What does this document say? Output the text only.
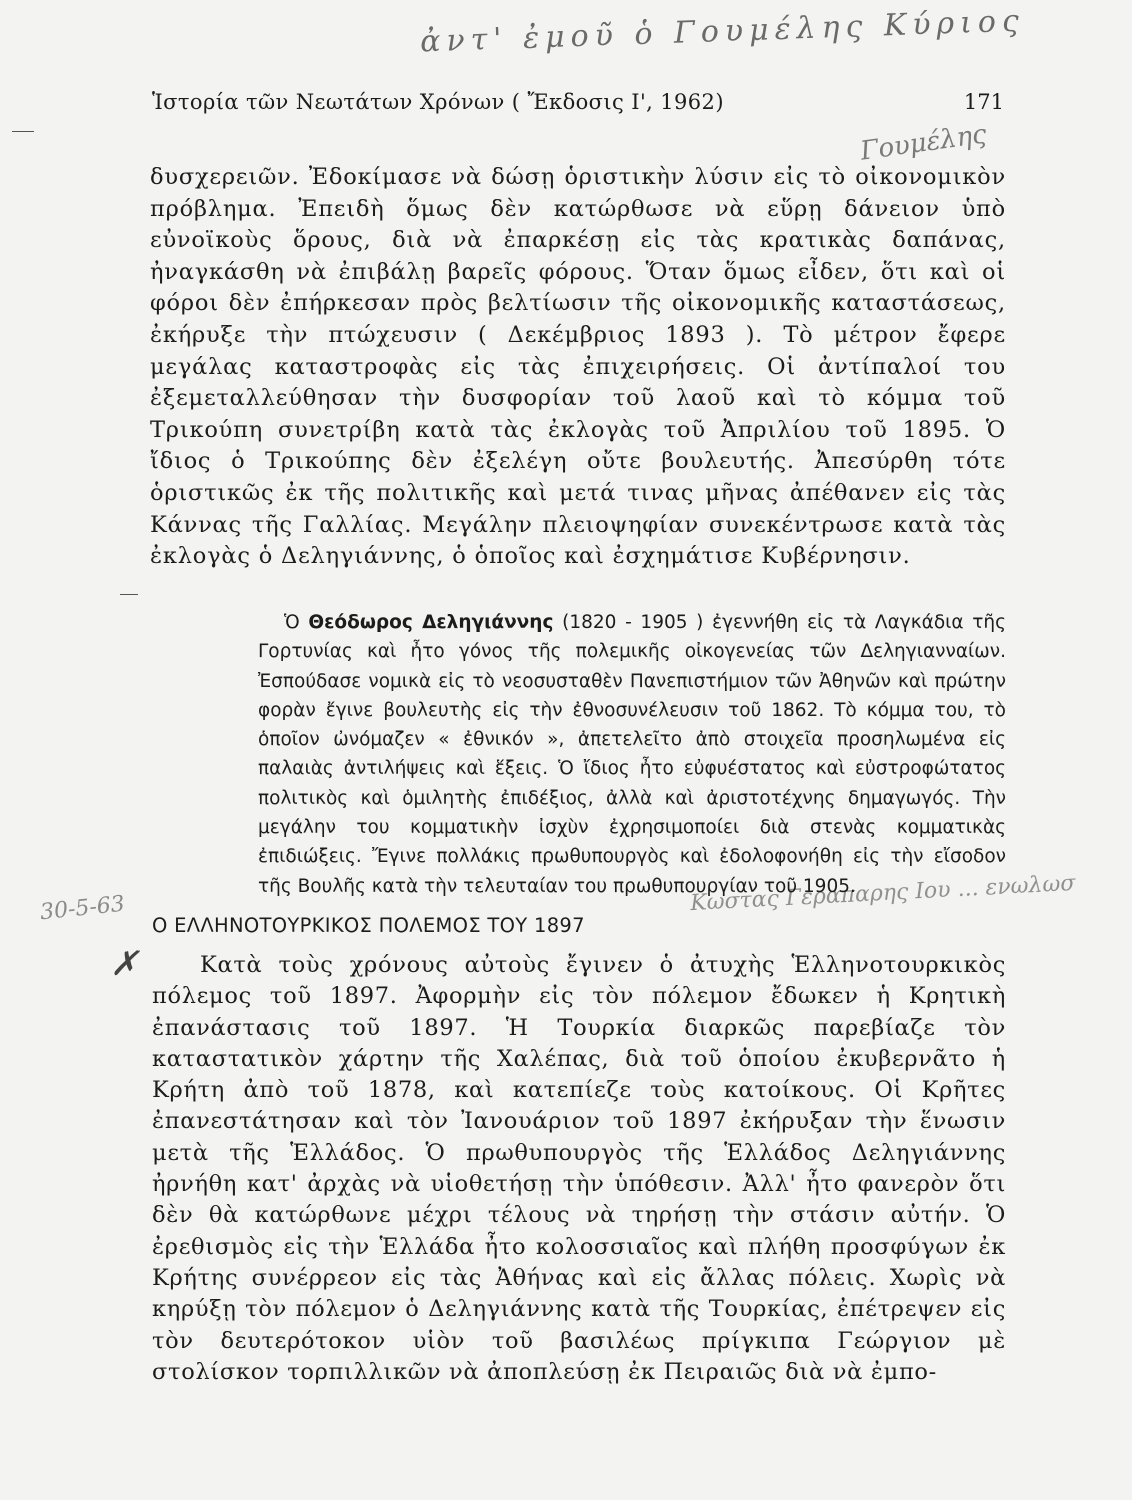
ἀντ' ἐμοῦ ὁ Γουμέλης Κύριος
Γουμέλης
30-5-63
✗
Κωστας Γεραπαρης Ιου ... ενωλωσ
Ἱστορία τῶν Νεωτάτων Χρόνων ( Ἔκδοσις Ι', 1962)	171

δυσχερειῶν. Ἐδοκίμασε νὰ δώσῃ ὁριστικὴν λύσιν εἰς τὸ οἰκονομικὸν πρόβλημα. Ἐπειδὴ ὅμως δὲν κατώρθωσε νὰ εὕρῃ δάνειον ὑπὸ εὐνοϊκοὺς ὅρους, διὰ νὰ ἐπαρκέσῃ εἰς τὰς κρατικὰς δαπάνας, ἠναγκάσθη νὰ ἐπιβάλῃ βαρεῖς φόρους. Ὅταν ὅμως εἶδεν, ὅτι καὶ οἱ φόροι δὲν ἐπήρκεσαν πρὸς βελτίωσιν τῆς οἰκονομικῆς καταστάσεως, ἐκήρυξε τὴν πτώχευσιν ( Δεκέμβριος 1893 ). Τὸ μέτρον ἔφερε μεγάλας καταστροφὰς εἰς τὰς ἐπιχειρήσεις. Οἱ ἀντίπαλοί του ἐξεμεταλλεύθησαν τὴν δυσφορίαν τοῦ λαοῦ καὶ τὸ κόμμα τοῦ Τρικούπη συνετρίβη κατὰ τὰς ἐκλογὰς τοῦ Ἀπριλίου τοῦ 1895. Ὁ ἴδιος ὁ Τρικούπης δὲν ἐξελέγη οὔτε βουλευτής. Ἀπεσύρθη τότε ὁριστικῶς ἐκ τῆς πολιτικῆς καὶ μετά τινας μῆνας ἀπέθανεν εἰς τὰς Κάννας τῆς Γαλλίας. Μεγάλην πλειοψηφίαν συνεκέντρωσε κατὰ τὰς ἐκλογὰς ὁ Δεληγιάννης, ὁ ὁποῖος καὶ ἐσχημάτισε Κυβέρνησιν.

Ὁ Θεόδωρος Δεληγιάννης (1820 - 1905 ) ἐγεννήθη εἰς τὰ Λαγκάδια τῆς Γορτυνίας καὶ ἦτο γόνος τῆς πολεμικῆς οἰκογενείας τῶν Δεληγιανναίων. Ἐσπούδασε νομικὰ εἰς τὸ νεοσυσταθὲν Πανεπιστήμιον τῶν Ἀθηνῶν καὶ πρώτην φορὰν ἔγινε βουλευτὴς εἰς τὴν ἐθνοσυνέλευσιν τοῦ 1862. Τὸ κόμμα του, τὸ ὁποῖον ὠνόμαζεν « ἐθνικόν », ἀπετελεῖτο ἀπὸ στοιχεῖα προσηλωμένα εἰς παλαιὰς ἀντιλήψεις καὶ ἕξεις. Ὁ ἴδιος ἦτο εὐφυέστατος καὶ εὐστροφώτατος πολιτικὸς καὶ ὁμιλητὴς ἐπιδέξιος, ἀλλὰ καὶ ἀριστοτέχνης δημαγωγός. Τὴν μεγάλην του κομματικὴν ἰσχὺν ἐχρησιμοποίει διὰ στενὰς κομματικὰς ἐπιδιώξεις. Ἔγινε πολλάκις πρωθυπουργὸς καὶ ἐδολοφονήθη εἰς τὴν εἴσοδον τῆς Βουλῆς κατὰ τὴν τελευταίαν του πρωθυπουργίαν τοῦ 1905.

Ο ΕΛΛΗΝΟΤΟΥΡΚΙΚΟΣ ΠΟΛΕΜΟΣ ΤΟΥ 1897

Κατὰ τοὺς χρόνους αὐτοὺς ἔγινεν ὁ ἀτυχὴς Ἑλληνοτουρκικὸς πόλεμος τοῦ 1897. Ἀφορμὴν εἰς τὸν πόλεμον ἔδωκεν ἡ Κρητικὴ ἐπανάστασις τοῦ 1897. Ἡ Τουρκία διαρκῶς παρεβίαζε τὸν καταστατικὸν χάρτην τῆς Χαλέπας, διὰ τοῦ ὁποίου ἐκυβερνᾶτο ἡ Κρήτη ἀπὸ τοῦ 1878, καὶ κατεπίεζε τοὺς κατοίκους. Οἱ Κρῆτες ἐπανεστάτησαν καὶ τὸν Ἰανουάριον τοῦ 1897 ἐκήρυξαν τὴν ἕνωσιν μετὰ τῆς Ἑλλάδος. Ὁ πρωθυπουργὸς τῆς Ἑλλάδος Δεληγιάννης ἠρνήθη κατ' ἀρχὰς νὰ υἱοθετήσῃ τὴν ὑπόθεσιν. Ἀλλ' ἦτο φανερὸν ὅτι δὲν θὰ κατώρθωνε μέχρι τέλους νὰ τηρήσῃ τὴν στάσιν αὐτήν. Ὁ ἐρεθισμὸς εἰς τὴν Ἑλλάδα ἦτο κολοσσιαῖος καὶ πλήθη προσφύγων ἐκ Κρήτης συνέρρεον εἰς τὰς Ἀθήνας καὶ εἰς ἄλλας πόλεις. Χωρὶς νὰ κηρύξῃ τὸν πόλεμον ὁ Δεληγιάννης κατὰ τῆς Τουρκίας, ἐπέτρεψεν εἰς τὸν δευτερότοκον υἱὸν τοῦ βασιλέως πρίγκιπα Γεώργιον μὲ στολίσκον τορπιλλικῶν νὰ ἀποπλεύσῃ ἐκ Πειραιῶς διὰ νὰ ἐμπο-
